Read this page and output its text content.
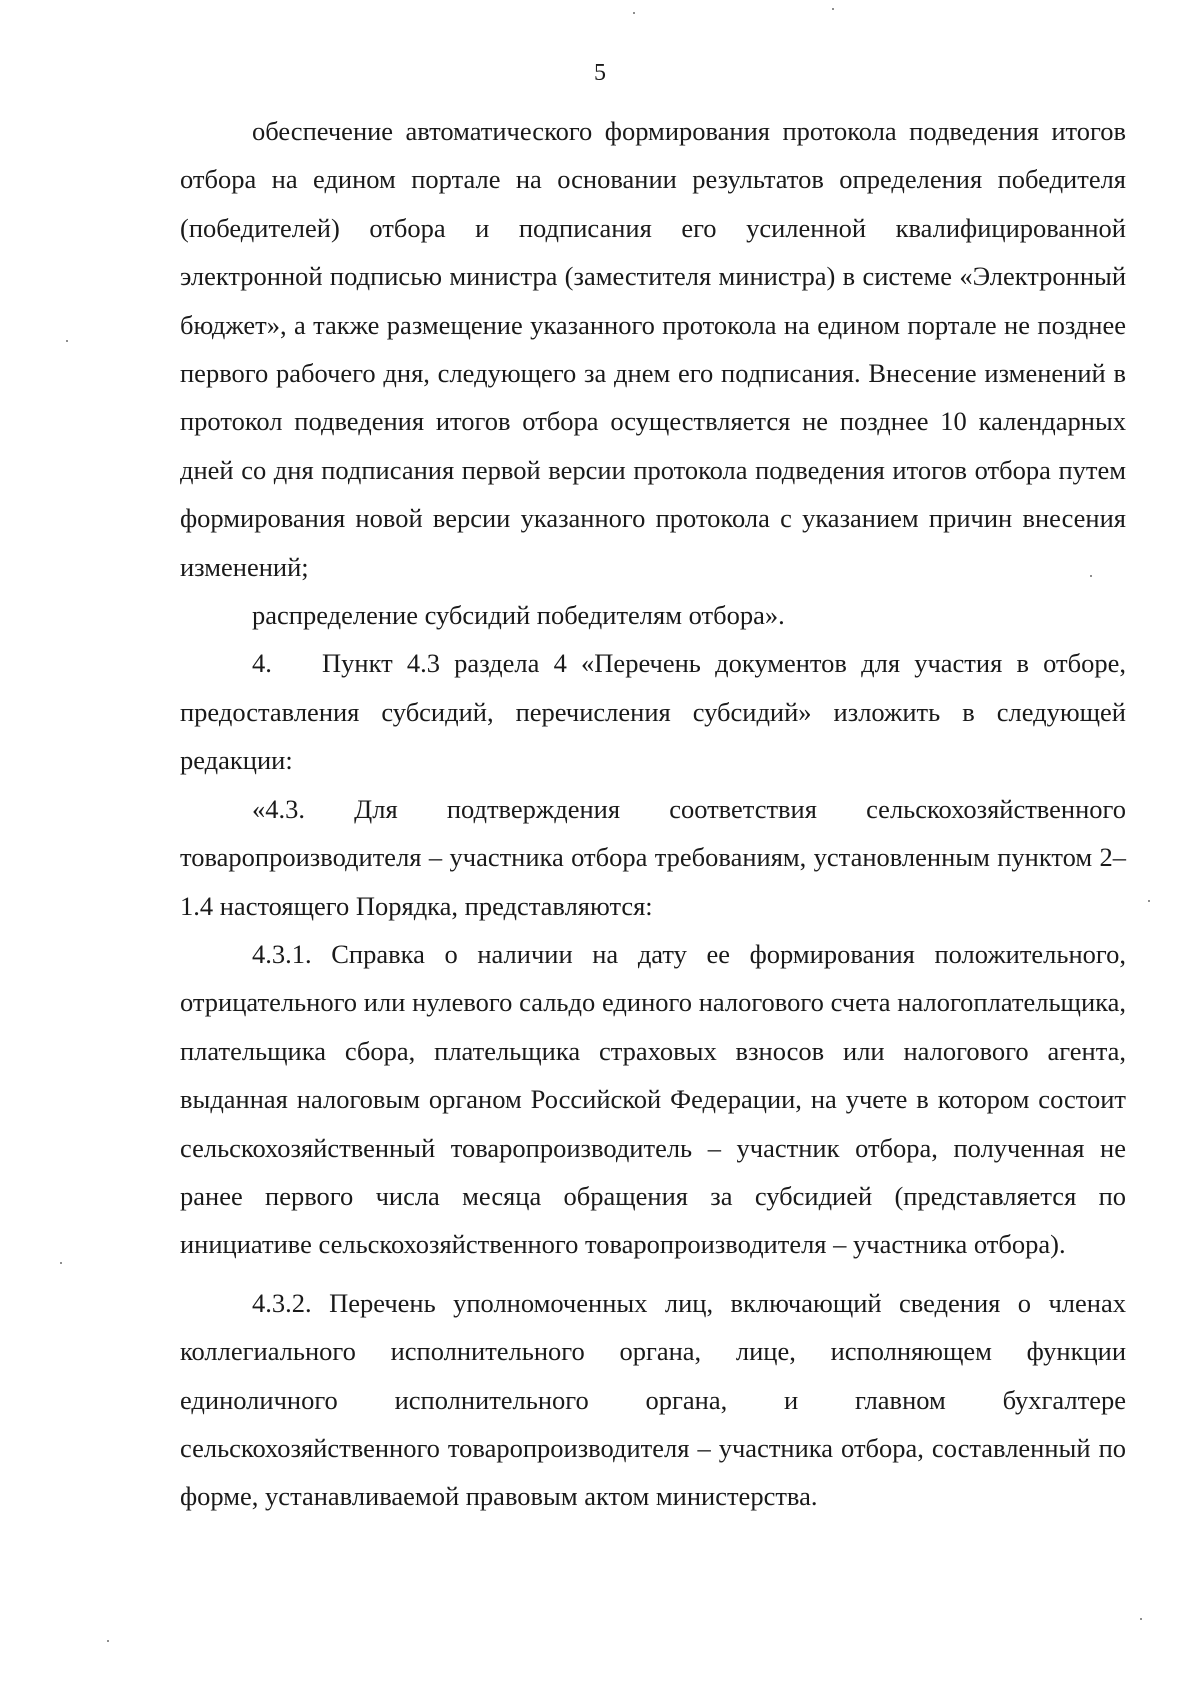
5

обеспечение автоматического формирования протокола подведения итогов отбора на едином портале на основании результатов определения победителя (победителей) отбора и подписания его усиленной квалифицированной электронной подписью министра (заместителя министра) в системе «Электронный бюджет», а также размещение указанного протокола на едином портале не позднее первого рабочего дня, следующего за днем его подписания. Внесение изменений в протокол подведения итогов отбора осуществляется не позднее 10 календарных дней со дня подписания первой версии протокола подведения итогов отбора путем формирования новой версии указанного протокола с указанием причин внесения изменений;

распределение субсидий победителям отбора».

4. Пункт 4.3 раздела 4 «Перечень документов для участия в отборе, предоставления субсидий, перечисления субсидий» изложить в следующей редакции:

«4.3. Для подтверждения соответствия сельскохозяйственного товаропроизводителя – участника отбора требованиям, установленным пунктом 2–1.4 настоящего Порядка, представляются:

4.3.1. Справка о наличии на дату ее формирования положительного, отрицательного или нулевого сальдо единого налогового счета налогоплательщика, плательщика сбора, плательщика страховых взносов или налогового агента, выданная налоговым органом Российской Федерации, на учете в котором состоит сельскохозяйственный товаропроизводитель – участник отбора, полученная не ранее первого числа месяца обращения за субсидией (представляется по инициативе сельскохозяйственного товаропроизводителя – участника отбора).

4.3.2. Перечень уполномоченных лиц, включающий сведения о членах коллегиального исполнительного органа, лице, исполняющем функции единоличного исполнительного органа, и главном бухгалтере сельскохозяйственного товаропроизводителя – участника отбора, составленный по форме, устанавливаемой правовым актом министерства.
